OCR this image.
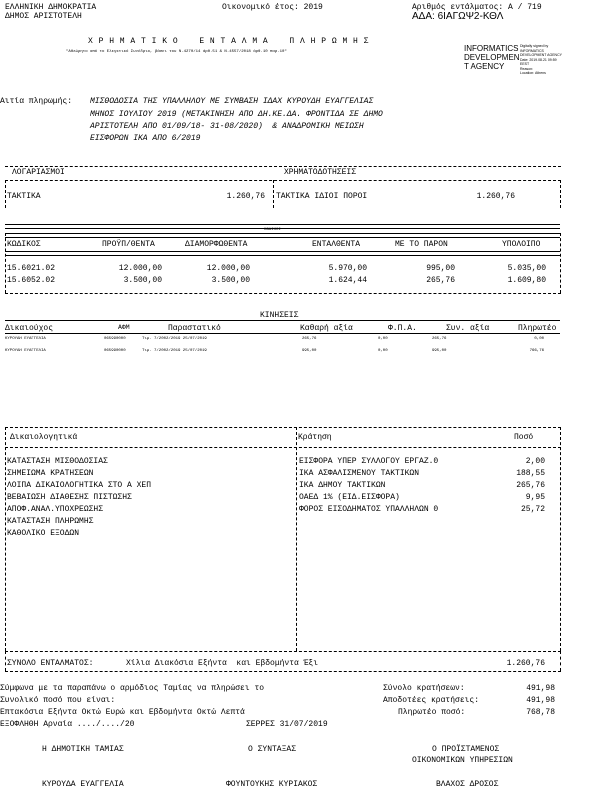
ΕΛΛΗΝΙΚΗ ΔΗΜΟΚΡΑΤΙΑ
ΔΗΜΟΣ ΑΡΙΣΤΟΤΕΛΗ
Οικονομικό έτος: 2019	Αριθμός εντάλματος: Α / 719
ΑΔΑ: 6ΙΑΓΩΨ2-ΚΘΛ
Χ Ρ Η Μ Α Τ Ι Κ Ο    Ε Ν Τ Α Λ Μ Α    Π Λ Η Ρ Ω Μ Η Σ
"Αθεώρητο από το Ελεγκτικό Συνέδριο, βάσει του Ν.4270/14 άρθ.51 & Ν.4557/2018 άρθ.10 παρ.10"	INFORMATICS
DEVELOPMEN
T AGENCY
Digitally signed by
INFORMATICS
DEVELOPMENT AGENCY
Date: 2019.08.21 09:59
EEST
Reason:
Location: Athens
Αιτία πληρωμής: ΜΙΣΘΟΔΟΣΙΑ ΤΗΣ ΥΠΑΛΛΗΛΟΥ ΜΕ ΣΥΜΒΑΣΗ ΙΔΑΧ ΚΥΡΟΥΔΗ ΕΥΑΓΓΕΛΙΑΣ
ΜΗΝΟΣ ΙΟΥΛΙΟΥ 2019 (ΜΕΤΑΚΙΝΗΣΗ ΑΠΟ ΔΗ.ΚΕ.ΔΑ. ΦΡΟΝΤΙΔΑ ΣΕ ΔΗΜΟ
ΑΡΙΣΤΟΤΕΛΗ ΑΠΟ 01/09/18- 31-08/2020)  & ΑΝΑΔΡΟΜΙΚΗ ΜΕΙΩΣΗ
ΕΙΣΦΟΡΩΝ ΙΚΑ ΑΠΟ 6/2019
ΛΟΓΑΡΙΑΣΜΟΙ	ΧΡΗΜΑΤΟΔΟΤΗΣΕΙΣ
ΤΑΚΤΙΚΑ	1.260,76 ΤΑΚΤΙΚΑ ΙΔΙΟΙ ΠΟΡΟΙ	1.260,76
ΚΩΔΙΚΟΙ
ΚΩΔΙΚΟΣ	ΠΡΟΫΠ/ΘΕΝΤΑ	ΔΙΑΜΟΡΦΩΘΕΝΤΑ	ΕΝΤΑΛΘΕΝΤΑ	ΜΕ ΤΟ ΠΑΡΟΝ	ΥΠΟΛΟΙΠΟ
15.6021.02	12.000,00	12.000,00	5.970,00	995,00	5.035,00
15.6052.02	3.500,00	3.500,00	1.624,44	265,76	1.609,80
ΚΙΝΗΣΕΙΣ
Δικαιούχος	ΑΦΜ	Παραστατικό	Καθαρή αξία	Φ.Π.Α.	Συν. αξία	Πληρωτέο
ΚΥΡΟΥΔΗ ΕΥΑΓΓΕΛΙΑ	065990000	Τιμ. 7/2002/2019 25/07/2019	265,76	0,00	265,76	0,00
ΚΥΡΟΥΔΗ ΕΥΑΓΓΕΛΙΑ	065990000	Τιμ. 7/2002/2019 25/07/2019	995,00	0,00	995,00	766,76
Δικαιολογητικά	Κράτηση	Ποσό
ΚΑΤΑΣΤΑΣΗ ΜΙΣΘΟΔΟΣΙΑΣ
ΣΗΜΕΙΩΜΑ ΚΡΑΤΗΣΕΩΝ
ΛΟΙΠΑ ΔΙΚΑΙΟΛΟΓΗΤΙΚΑ ΣΤΟ Α ΧΕΠ
ΒΕΒΑΙΩΣΗ ΔΙΑΘΕΣΗΣ ΠΙΣΤΩΣΗΣ
ΑΠΟΦ.ΑΝΑΛ.ΥΠΟΧΡΕΩΣΗΣ
ΚΑΤΑΣΤΑΣΗ ΠΛΗΡΩΜΗΣ
ΚΑΘΟΛΙΚΟ ΕΞΟΔΩΝ
ΕΙΣΦΟΡΑ ΥΠΕΡ ΣΥΛΛΟΓΟΥ ΕΡΓΑΖ.0	2,00
ΙΚΑ ΑΣΦΑΛΙΣΜΕΝΟΥ ΤΑΚΤΙΚΩΝ	188,55
ΙΚΑ ΔΗΜΟΥ ΤΑΚΤΙΚΩΝ	265,76
ΟΑΕΔ 1% (ΕΙΔ.ΕΙΣΦΟΡΑ)	9,95
ΦΟΡΟΣ ΕΙΣΟΔΗΜΑΤΟΣ ΥΠΑΛΛΗΛΩΝ 0	25,72
ΣΥΝΟΛΟ ΕΝΤΑΛΜΑΤΟΣ:	Χίλια Διακόσια Εξήντα  και Εβδομήντα Έξι	1.260,76
Σύμφωνα με τα παραπάνω ο αρμόδιος Ταμίας να πληρώσει το
Συνολικό ποσό που είναι:
Επτακόσια Εξήντα Οκτώ Ευρώ και Εβδομήντα Οκτώ Λεπτά
ΕΞΟΦΛΗΘΗ Αρναία ..../..../20	ΣΕΡΡΕΣ 31/07/2019
Σύνολο κρατήσεων:	491,98
Αποδοτέες κρατήσεις:	491,98
Πληρωτέο ποσό:	768,78
Η ΔΗΜΟΤΙΚΗ ΤΑΜΙΑΣ	Ο ΣΥΝΤΑΞΑΣ	Ο ΠΡΟΪΣΤΑΜΕΝΟΣ
ΟΙΚΟΝΟΜΙΚΩΝ ΥΠΗΡΕΣΙΩΝ
ΚΥΡΟΥΔΑ ΕΥΑΓΓΕΛΙΑ	ΦΟΥΝΤΟΥΚΗΣ ΚΥΡΙΑΚΟΣ	ΒΛΑΧΟΣ ΔΡΟΣΟΣ
